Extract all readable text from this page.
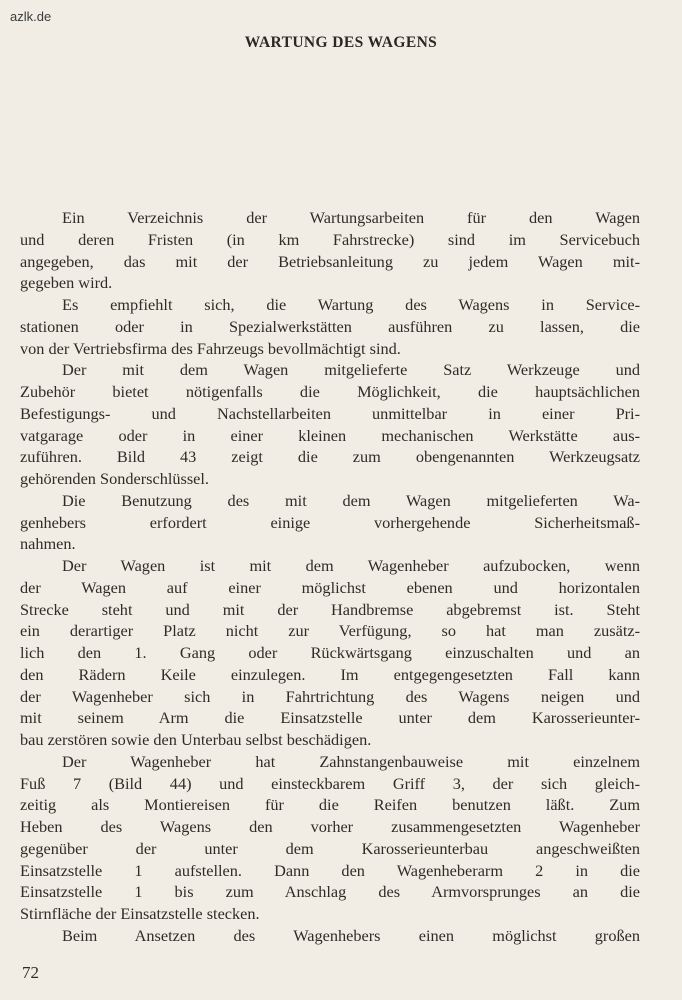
azlk.de
WARTUNG DES WAGENS
Ein Verzeichnis der Wartungsarbeiten für den Wagen
und deren Fristen (in km Fahrstrecke) sind im Servicebuch
angegeben, das mit der Betriebsanleitung zu jedem Wagen mit-
gegeben wird.
Es empfiehlt sich, die Wartung des Wagens in Service-
stationen oder in Spezialwerkstätten ausführen zu lassen, die
von der Vertriebsfirma des Fahrzeugs bevollmächtigt sind.
Der mit dem Wagen mitgelieferte Satz Werkzeuge und
Zubehör bietet nötigenfalls die Möglichkeit, die hauptsächlichen
Befestigungs- und Nachstellarbeiten unmittelbar in einer Pri-
vatgarage oder in einer kleinen mechanischen Werkstätte aus-
zuführen. Bild 43 zeigt die zum obengenannten Werkzeugsatz
gehörenden Sonderschlüssel.
Die Benutzung des mit dem Wagen mitgelieferten Wa-
genhebers erfordert einige vorhergehende Sicherheitsmaß-
nahmen.
Der Wagen ist mit dem Wagenheber aufzubocken, wenn
der Wagen auf einer möglichst ebenen und horizontalen
Strecke steht und mit der Handbremse abgebremst ist. Steht
ein derartiger Platz nicht zur Verfügung, so hat man zusätz-
lich den 1. Gang oder Rückwärtsgang einzuschalten und an
den Rädern Keile einzulegen. Im entgegengesetzten Fall kann
der Wagenheber sich in Fahrtrichtung des Wagens neigen und
mit seinem Arm die Einsatzstelle unter dem Karosserieunter-
bau zerstören sowie den Unterbau selbst beschädigen.
Der Wagenheber hat Zahnstangenbauweise mit einzelnem
Fuß 7 (Bild 44) und einsteckbarem Griff 3, der sich gleich-
zeitig als Montiereisen für die Reifen benutzen läßt. Zum
Heben des Wagens den vorher zusammengesetzten Wagenheber
gegenüber der unter dem Karosserieunterbau angeschweißten
Einsatzstelle 1 aufstellen. Dann den Wagenheberarm 2 in die
Einsatzstelle 1 bis zum Anschlag des Armvorsprunges an die
Stirnfläche der Einsatzstelle stecken.
Beim Ansetzen des Wagenhebers einen möglichst großen
72
